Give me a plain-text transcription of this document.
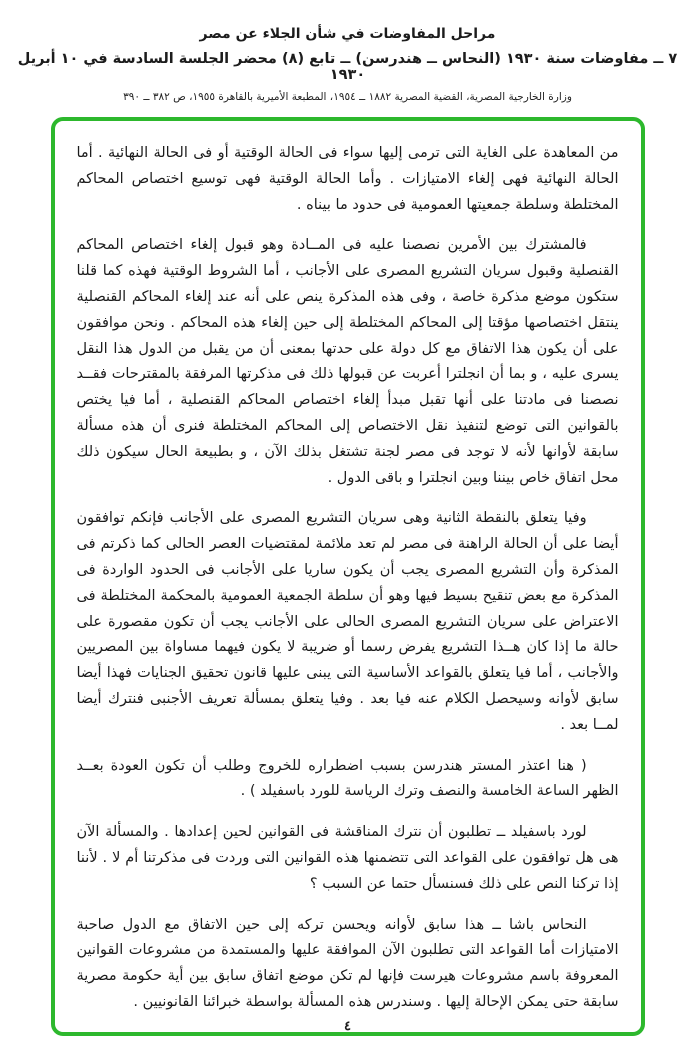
مراحل المفاوضات في شأن الجلاء عن مصر
٧ ــ مفاوضات سنة ١٩٣٠ (النحاس ــ هندرسن) ــ تابع (٨) محضر الجلسة السادسة في ١٠ أبريل ١٩٣٠
وزارة الخارجية المصرية، القضية المصرية ١٨٨٢ ــ ١٩٥٤، المطبعة الأميرية بالقاهرة ١٩٥٥، ص ٣٨٢ ــ ٣٩٠

من المعاهدة على الغاية التى ترمى إليها سواء فى الحالة الوقتية أو فى الحالة النهائية . أما الحالة النهائية فهى إلغاء الامتيازات . وأما الحالة الوقتية فهى توسيع اختصاص المحاكم المختلطة وسلطة جمعيتها العمومية فى حدود ما بيناه .

فالمشترك بين الأمرين نصصنا عليه فى المــادة وهو قبول إلغاء اختصاص المحاكم القنصلية وقبول سريان التشريع المصرى على الأجانب ، أما الشروط الوقتية فهذه كما قلنا ستكون موضع مذكرة خاصة ، وفى هذه المذكرة ينص على أنه عند إلغاء المحاكم القنصلية ينتقل اختصاصها مؤقتا إلى المحاكم المختلطة إلى حين إلغاء هذه المحاكم . ونحن موافقون على أن يكون هذا الاتفاق مع كل دولة على حدتها بمعنى أن من يقبل من الدول هذا النقل يسرى عليه ، و بما أن انجلترا أعربت عن قبولها ذلك فى مذكرتها المرفقة بالمقترحات فقــد نصصنا فى مادتنا على أنها تقبل مبدأ إلغاء اختصاص المحاكم القنصلية ، أما فيا يختص بالقوانين التى توضع لتنفيذ نقل الاختصاص إلى المحاكم المختلطة فنرى أن هذه مسألة سابقة لأوانها لأنه لا توجد فى مصر لجنة تشتغل بذلك الآن ، و بطبيعة الحال سيكون ذلك محل اتفاق خاص بيننا وبين انجلترا و باقى الدول .

وفيا يتعلق بالنقطة الثانية وهى سريان التشريع المصرى على الأجانب فإنكم توافقون أيضا على أن الحالة الراهنة فى مصر لم تعد ملائمة لمقتضيات العصر الحالى كما ذكرتم فى المذكرة وأن التشريع المصرى يجب أن يكون ساريا على الأجانب فى الحدود الواردة فى المذكرة مع بعض تنقيح بسيط فيها وهو أن سلطة الجمعية العمومية بالمحكمة المختلطة فى الاعتراض على سريان التشريع المصرى الحالى على الأجانب يجب أن تكون مقصورة على حالة ما إذا كان هــذا التشريع يفرض رسما أو ضريبة لا يكون فيهما مساواة بين المصريين والأجانب ، أما فيا يتعلق بالقواعد الأساسية التى يبنى عليها قانون تحقيق الجنايات فهذا أيضا سابق لأوانه وسيحصل الكلام عنه فيا بعد . وفيا يتعلق بمسألة تعريف الأجنبى فنترك أيضا لمــا بعد .

( هنا اعتذر المستر هندرسن بسبب اضطراره للخروج وطلب أن تكون العودة بعــد الظهر الساعة الخامسة والنصف وترك الرياسة للورد باسفيلد ) .

لورد باسفيلد ــ تطلبون أن نترك المناقشة فى القوانين لحين إعدادها . والمسألة الآن هى هل توافقون على القواعد التى تتضمنها هذه القوانين التى وردت فى مذكرتنا أم لا . لأننا إذا تركنا النص على ذلك فسنسأل حتما عن السبب ؟

النحاس باشا ــ هذا سابق لأوانه ويحسن تركه إلى حين الاتفاق مع الدول صاحبة الامتيازات أما القواعد التى تطلبون الآن الموافقة عليها والمستمدة من مشروعات القوانين المعروفة باسم مشروعات هيرست فإنها لم تكن موضع اتفاق سابق بين أية حكومة مصرية سابقة حتى يمكن الإحالة إليها . وسندرس هذه المسألة بواسطة خبرائنا القانونيين .

٤
